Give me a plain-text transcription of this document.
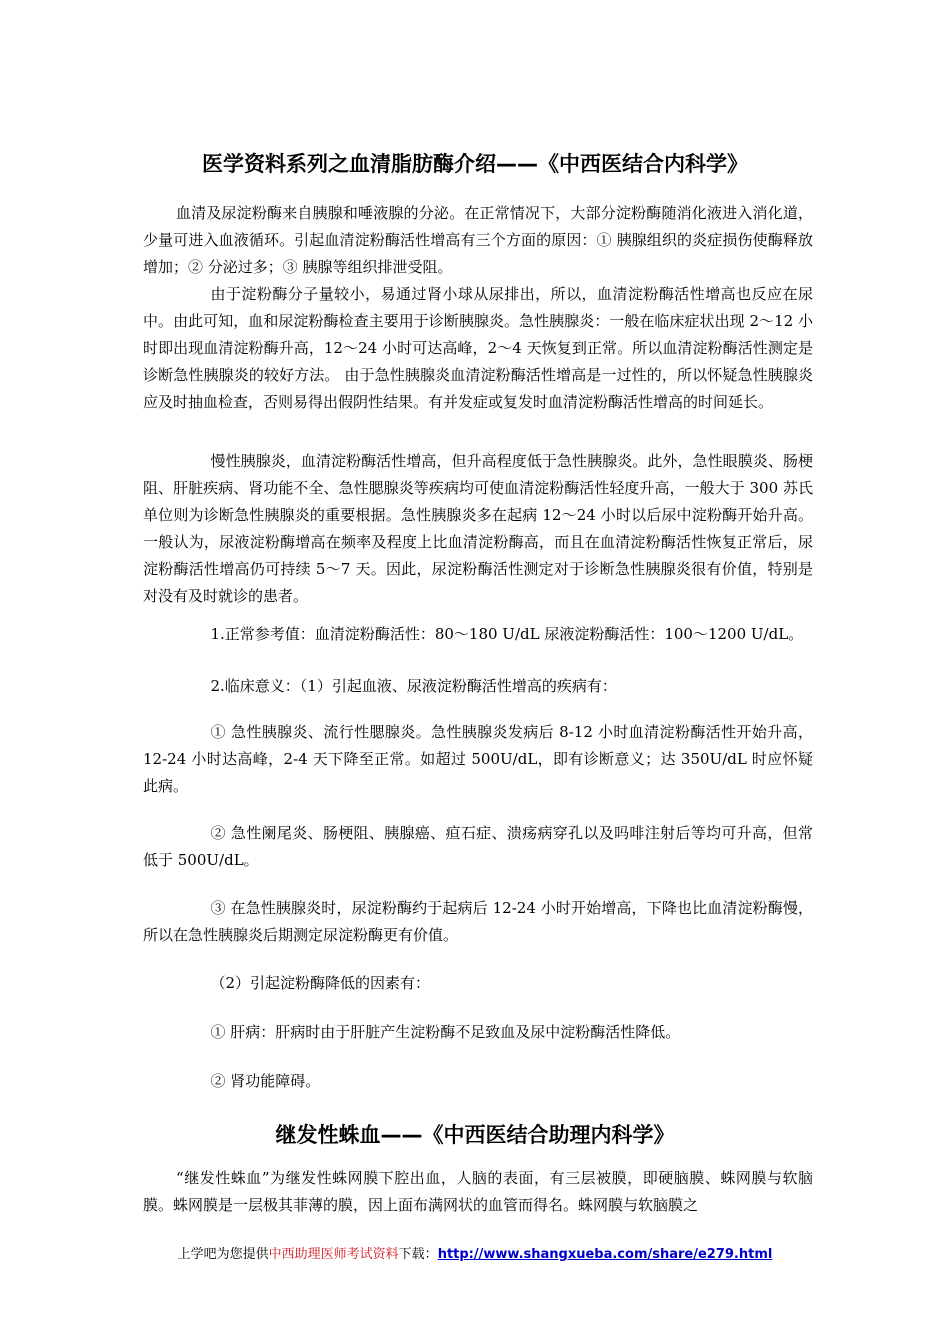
医学资料系列之血清脂肪酶介绍——《中西医结合内科学》

血清及尿淀粉酶来自胰腺和唾液腺的分泌。在正常情况下，大部分淀粉酶随消化液进入消化道，少量可进入血液循环。引起血清淀粉酶活性增高有三个方面的原因：① 胰腺组织的炎症损伤使酶释放增加；② 分泌过多；③ 胰腺等组织排泄受阻。

由于淀粉酶分子量较小，易通过肾小球从尿排出，所以，血清淀粉酶活性增高也反应在尿中。由此可知，血和尿淀粉酶检查主要用于诊断胰腺炎。急性胰腺炎：一般在临床症状出现 2～12 小时即出现血清淀粉酶升高，12～24 小时可达高峰，2～4 天恢复到正常。所以血清淀粉酶活性测定是诊断急性胰腺炎的较好方法。 由于急性胰腺炎血清淀粉酶活性增高是一过性的，所以怀疑急性胰腺炎应及时抽血检查，否则易得出假阴性结果。有并发症或复发时血清淀粉酶活性增高的时间延长。

慢性胰腺炎，血清淀粉酶活性增高，但升高程度低于急性胰腺炎。此外，急性眼膜炎、肠梗阻、肝脏疾病、肾功能不全、急性腮腺炎等疾病均可使血清淀粉酶活性轻度升高，一般大于 300 苏氏单位则为诊断急性胰腺炎的重要根据。急性胰腺炎多在起病 12～24 小时以后尿中淀粉酶开始升高。一般认为，尿液淀粉酶增高在频率及程度上比血清淀粉酶高，而且在血清淀粉酶活性恢复正常后，尿淀粉酶活性增高仍可持续 5～7 天。因此，尿淀粉酶活性测定对于诊断急性胰腺炎很有价值，特别是对没有及时就诊的患者。

1.正常参考值：血清淀粉酶活性：80～180 U/dL 尿液淀粉酶活性：100～1200 U/dL。

2.临床意义：（1）引起血液、尿液淀粉酶活性增高的疾病有：

① 急性胰腺炎、流行性腮腺炎。急性胰腺炎发病后 8-12 小时血清淀粉酶活性开始升高，12-24 小时达高峰，2-4 天下降至正常。如超过 500U/dL，即有诊断意义；达 350U/dL 时应怀疑此病。

② 急性阑尾炎、肠梗阻、胰腺癌、疸石症、溃疡病穿孔以及吗啡注射后等均可升高，但常低于 500U/dL。

③ 在急性胰腺炎时，尿淀粉酶约于起病后 12-24 小时开始增高，下降也比血清淀粉酶慢，所以在急性胰腺炎后期测定尿淀粉酶更有价值。

（2）引起淀粉酶降低的因素有：

① 肝病：肝病时由于肝脏产生淀粉酶不足致血及尿中淀粉酶活性降低。

② 肾功能障碍。

继发性蛛血——《中西医结合助理内科学》

“继发性蛛血”为继发性蛛网膜下腔出血，人脑的表面，有三层被膜，即硬脑膜、蛛网膜与软脑膜。蛛网膜是一层极其菲薄的膜，因上面布满网状的血管而得名。蛛网膜与软脑膜之

上学吧为您提供中西助理医师考试资料下载：http://www.shangxueba.com/share/e279.html
